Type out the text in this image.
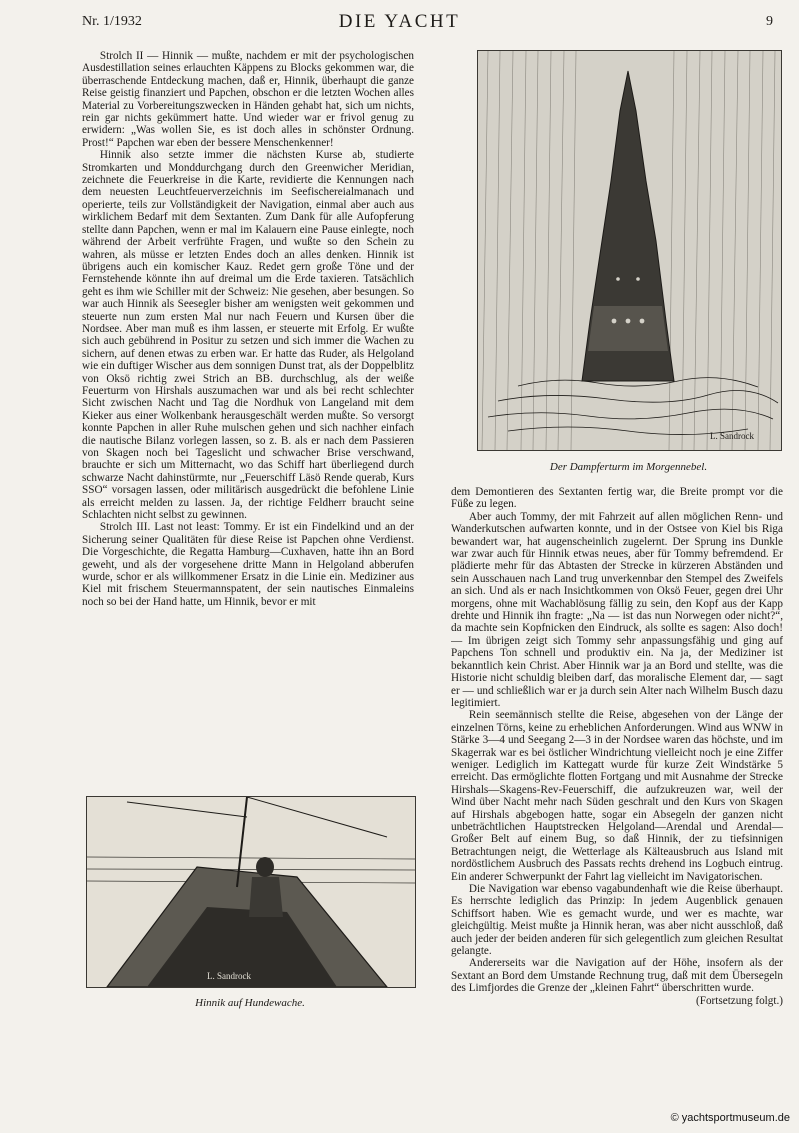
Nr. 1/1932	DIE YACHT	9

Strolch II — Hinnik — mußte, nachdem er mit der psychologischen Ausdestillation seines erlauchten Käppens zu Blocks gekommen war, die überraschende Entdeckung machen, daß er, Hinnik, überhaupt die ganze Reise geistig finanziert und Papchen, obschon er die letzten Wochen alles Material zu Vorbereitungszwecken in Händen gehabt hat, sich um nichts, rein gar nichts gekümmert hatte. Und wieder war er frivol genug zu erwidern: „Was wollen Sie, es ist doch alles in schönster Ordnung. Prost!“ Papchen war eben der bessere Menschenkenner!

Hinnik also setzte immer die nächsten Kurse ab, studierte Stromkarten und Monddurchgang durch den Greenwicher Meridian, zeichnete die Feuerkreise in die Karte, revidierte die Kennungen nach dem neuesten Leuchtfeuerverzeichnis im Seefischereialmanach und operierte, teils zur Vollständigkeit der Navigation, einmal aber auch aus wirklichem Bedarf mit dem Sextanten. Zum Dank für alle Aufopferung stellte dann Papchen, wenn er mal im Kalauern eine Pause einlegte, noch während der Arbeit verfrühte Fragen, und wußte so den Schein zu wahren, als müsse er letzten Endes doch an alles denken. Hinnik ist übrigens auch ein komischer Kauz. Redet gern große Töne und der Fernstehende könnte ihn auf dreimal um die Erde taxieren. Tatsächlich geht es ihm wie Schiller mit der Schweiz: Nie gesehen, aber besungen. So war auch Hinnik als Seesegler bisher am wenigsten weit gekommen und steuerte nun zum ersten Mal nur nach Feuern und Kursen über die Nordsee. Aber man muß es ihm lassen, er steuerte mit Erfolg. Er wußte sich auch gebührend in Positur zu setzen und sich immer die Wachen zu sichern, auf denen etwas zu erben war. Er hatte das Ruder, als Helgoland wie ein duftiger Wischer aus dem sonnigen Dunst trat, als der Doppelblitz von Oksö richtig zwei Strich an BB. durchschlug, als der weiße Feuerturm von Hirshals auszumachen war und als bei recht schlechter Sicht zwischen Nacht und Tag die Nordhuk von Langeland mit dem Kieker aus einer Wolkenbank herausgeschält werden mußte. So versorgt konnte Papchen in aller Ruhe mulschen gehen und sich nachher einfach die nautische Bilanz vorlegen lassen, so z. B. als er nach dem Passieren von Skagen noch bei Tageslicht und schwacher Brise verschwand, brauchte er sich um Mitternacht, wo das Schiff hart überliegend durch schwarze Nacht dahinstürmte, nur „Feuerschiff Läsö Rende querab, Kurs SSO“ vorsagen lassen, oder militärisch ausgedrückt die befohlene Linie als erreicht melden zu lassen. Ja, der richtige Feldherr braucht seine Schlachten nicht selbst zu gewinnen.

Strolch III. Last not least: Tommy. Er ist ein Findelkind und an der Sicherung seiner Qualitäten für diese Reise ist Papchen ohne Verdienst. Die Vorgeschichte, die Regatta Hamburg—Cuxhaven, hatte ihn an Bord geweht, und als der vorgesehene dritte Mann in Helgoland abberufen wurde, schor er als willkommener Ersatz in die Linie ein. Mediziner aus Kiel mit frischem Steuermannspatent, der sein nautisches Einmaleins noch so bei der Hand hatte, um Hinnik, bevor er mit

L. Sandrock
Der Dampferturm im Morgennebel.

dem Demontieren des Sextanten fertig war, die Breite prompt vor die Füße zu legen.

Aber auch Tommy, der mit Fahrzeit auf allen möglichen Renn- und Wanderkutschen aufwarten konnte, und in der Ostsee von Kiel bis Riga bewandert war, hat augenscheinlich zugelernt. Der Sprung ins Dunkle war zwar auch für Hinnik etwas neues, aber für Tommy befremdend. Er plädierte mehr für das Abtasten der Strecke in kürzeren Abständen und sein Ausschauen nach Land trug unverkennbar den Stempel des Zweifels an sich. Und als er nach Insichtkommen von Oksö Feuer, gegen drei Uhr morgens, ohne mit Wachablösung fällig zu sein, den Kopf aus der Kapp drehte und Hinnik ihn fragte: „Na — ist das nun Norwegen oder nicht?“, da machte sein Kopfnicken den Eindruck, als sollte es sagen: Also doch! — Im übrigen zeigt sich Tommy sehr anpassungsfähig und ging auf Papchens Ton schnell und produktiv ein. Na ja, der Mediziner ist bekanntlich kein Christ. Aber Hinnik war ja an Bord und stellte, was die Historie nicht schuldig bleiben darf, das moralische Element dar, — sagt er — und schließlich war er ja durch sein Alter nach Wilhelm Busch dazu legitimiert.

Rein seemännisch stellte die Reise, abgesehen von der Länge der einzelnen Törns, keine zu erheblichen Anforderungen. Wind aus WNW in Stärke 3—4 und Seegang 2—3 in der Nordsee waren das höchste, und im Skagerrak war es bei östlicher Windrichtung vielleicht noch je eine Ziffer weniger. Lediglich im Kattegatt wurde für kurze Zeit Windstärke 5 erreicht. Das ermöglichte flotten Fortgang und mit Ausnahme der Strecke Hirshals—Skagens-Rev-Feuerschiff, die aufzukreuzen war, weil der Wind über Nacht mehr nach Süden geschralt und den Kurs von Skagen auf Hirshals abgebogen hatte, sogar ein Absegeln der ganzen nicht unbeträchtlichen Hauptstrecken Helgoland—Arendal und Arendal—Großer Belt auf einem Bug, so daß Hinnik, der zu tiefsinnigen Betrachtungen neigt, die Wetterlage als Kälteausbruch aus Island mit nordöstlichem Ausbruch des Passats rechts drehend ins Logbuch eintrug. Ein anderer Schwerpunkt der Fahrt lag vielleicht im Navigatorischen.

Die Navigation war ebenso vagabundenhaft wie die Reise überhaupt. Es herrschte lediglich das Prinzip: In jedem Augenblick genauen Schiffsort haben. Wie es gemacht wurde, und wer es machte, war gleichgültig. Meist mußte ja Hinnik heran, was aber nicht ausschloß, daß auch jeder der beiden anderen für sich gelegentlich zum gleichen Resultat gelangte.

Andererseits war die Navigation auf der Höhe, insofern als der Sextant an Bord dem Umstande Rechnung trug, daß mit dem Übersegeln des Limfjordes die Grenze der „kleinen Fahrt“ überschritten wurde.

(Fortsetzung folgt.)

L. Sandrock
Hinnik auf Hundewache.
© yachtsportmuseum.de
